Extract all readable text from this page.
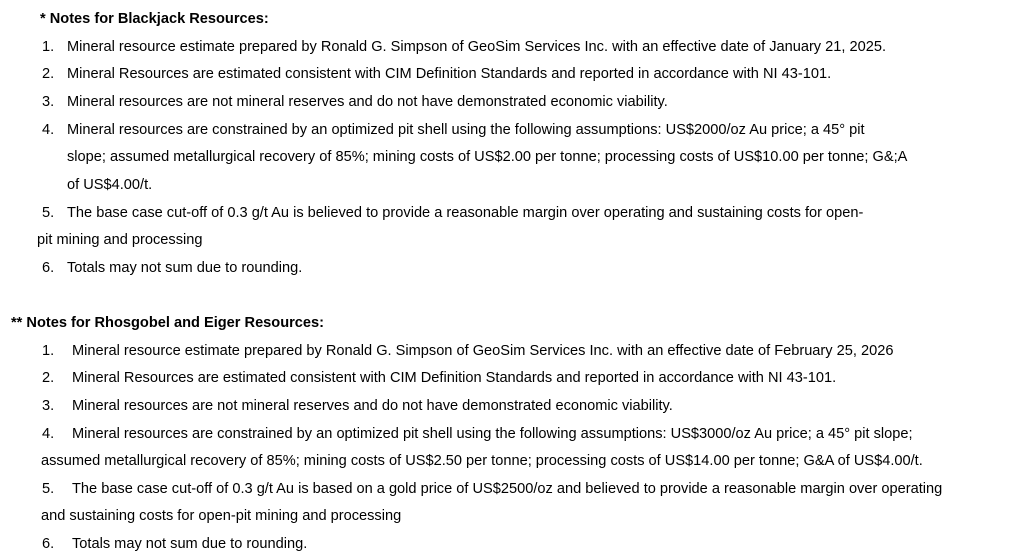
* Notes for Blackjack Resources:
1. Mineral resource estimate prepared by Ronald G. Simpson of GeoSim Services Inc. with an effective date of January 21, 2025.
2. Mineral Resources are estimated consistent with CIM Definition Standards and reported in accordance with NI 43-101.
3. Mineral resources are not mineral reserves and do not have demonstrated economic viability.
4. Mineral resources are constrained by an optimized pit shell using the following assumptions: US$2000/oz Au price; a 45° pit
slope; assumed metallurgical recovery of 85%; mining costs of US$2.00 per tonne; processing costs of US$10.00 per tonne; G&;A
of US$4.00/t.
5. The base case cut-off of 0.3 g/t Au is believed to provide a reasonable margin over operating and sustaining costs for open-
pit mining and processing
6. Totals may not sum due to rounding.
** Notes for Rhosgobel and Eiger Resources:
1. Mineral resource estimate prepared by Ronald G. Simpson of GeoSim Services Inc. with an effective date of February 25, 2026
2. Mineral Resources are estimated consistent with CIM Definition Standards and reported in accordance with NI 43-101.
3. Mineral resources are not mineral reserves and do not have demonstrated economic viability.
4. Mineral resources are constrained by an optimized pit shell using the following assumptions: US$3000/oz Au price; a 45° pit slope;
assumed metallurgical recovery of 85%; mining costs of US$2.50 per tonne; processing costs of US$14.00 per tonne; G&A of US$4.00/t.
5. The base case cut-off of 0.3 g/t Au is based on a gold price of US$2500/oz and believed to provide a reasonable margin over operating
and sustaining costs for open-pit mining and processing
6. Totals may not sum due to rounding.
